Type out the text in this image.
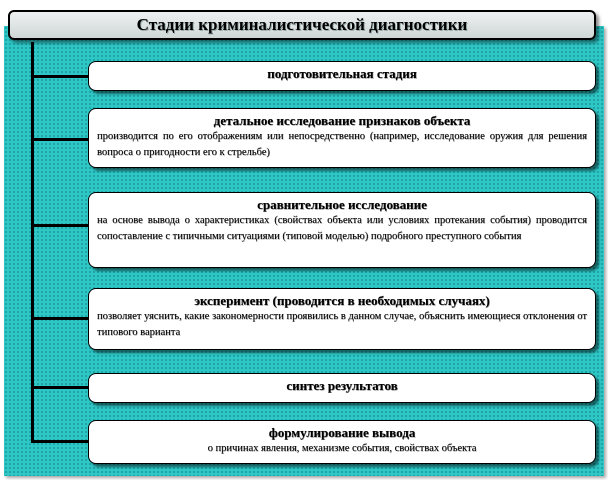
Стадии криминалистической диагностики
подготовительная стадия
детальное исследование признаков объекта
производится по его отображениям или непосредственно (например, исследование оружия для решения вопроса о пригодности его к стрельбе)
сравнительное исследование
на основе вывода о характеристиках (свойствах объекта или условиях протекания события) проводится сопоставление с типичными ситуациями (типовой моделью) подробного преступного события
эксперимент (проводится в необходимых случаях)
позволяет уяснить, какие закономерности проявились в данном случае, объяснить имеющиеся отклонения от типового варианта
синтез результатов
формулирование вывода
о причинах явления, механизме события, свойствах объекта
